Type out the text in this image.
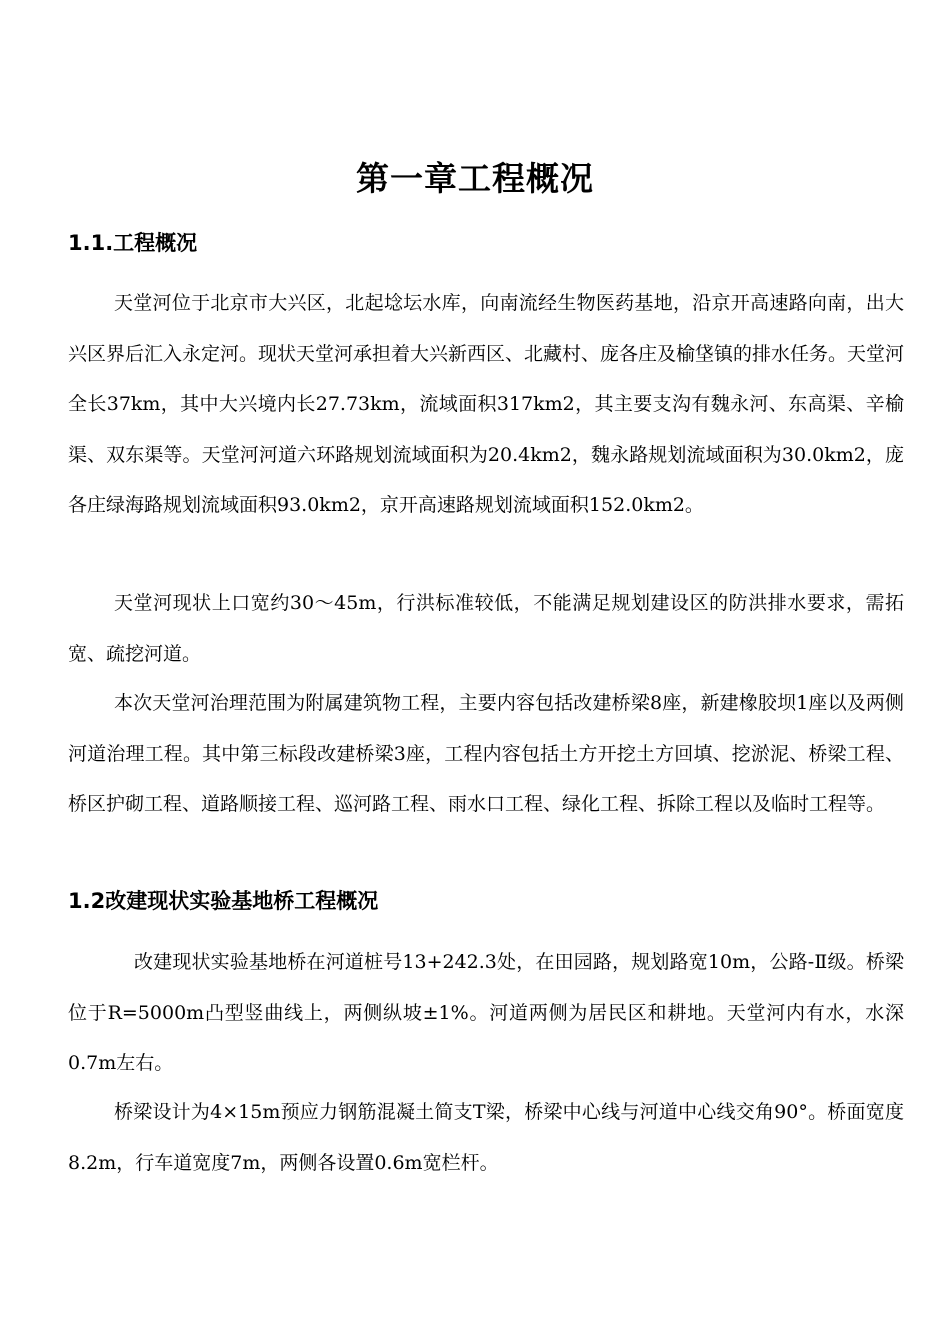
第一章工程概况
1.1.工程概况

天堂河位于北京市大兴区，北起埝坛水库，向南流经生物医药基地，沿京开高速路向南，出大兴区界后汇入永定河。现状天堂河承担着大兴新西区、北藏村、庞各庄及榆垡镇的排水任务。天堂河全长37km，其中大兴境内长27.73km，流域面积317km2，其主要支沟有魏永河、东高渠、辛榆渠、双东渠等。天堂河河道六环路规划流域面积为20.4km2，魏永路规划流域面积为30.0km2，庞各庄绿海路规划流域面积93.0km2，京开高速路规划流域面积152.0km2。

天堂河现状上口宽约30～45m，行洪标准较低，不能满足规划建设区的防洪排水要求，需拓宽、疏挖河道。

本次天堂河治理范围为附属建筑物工程，主要内容包括改建桥梁8座，新建橡胶坝1座以及两侧河道治理工程。其中第三标段改建桥梁3座，工程内容包括土方开挖土方回填、挖淤泥、桥梁工程、桥区护砌工程、道路顺接工程、巡河路工程、雨水口工程、绿化工程、拆除工程以及临时工程等。

1.2改建现状实验基地桥工程概况

改建现状实验基地桥在河道桩号13+242.3处，在田园路，规划路宽10m，公路-Ⅱ级。桥梁位于R=5000m凸型竖曲线上，两侧纵坡±1%。河道两侧为居民区和耕地。天堂河内有水，水深0.7m左右。

桥梁设计为4×15m预应力钢筋混凝土简支T梁，桥梁中心线与河道中心线交角90°。桥面宽度8.2m，行车道宽度7m，两侧各设置0.6m宽栏杆。
